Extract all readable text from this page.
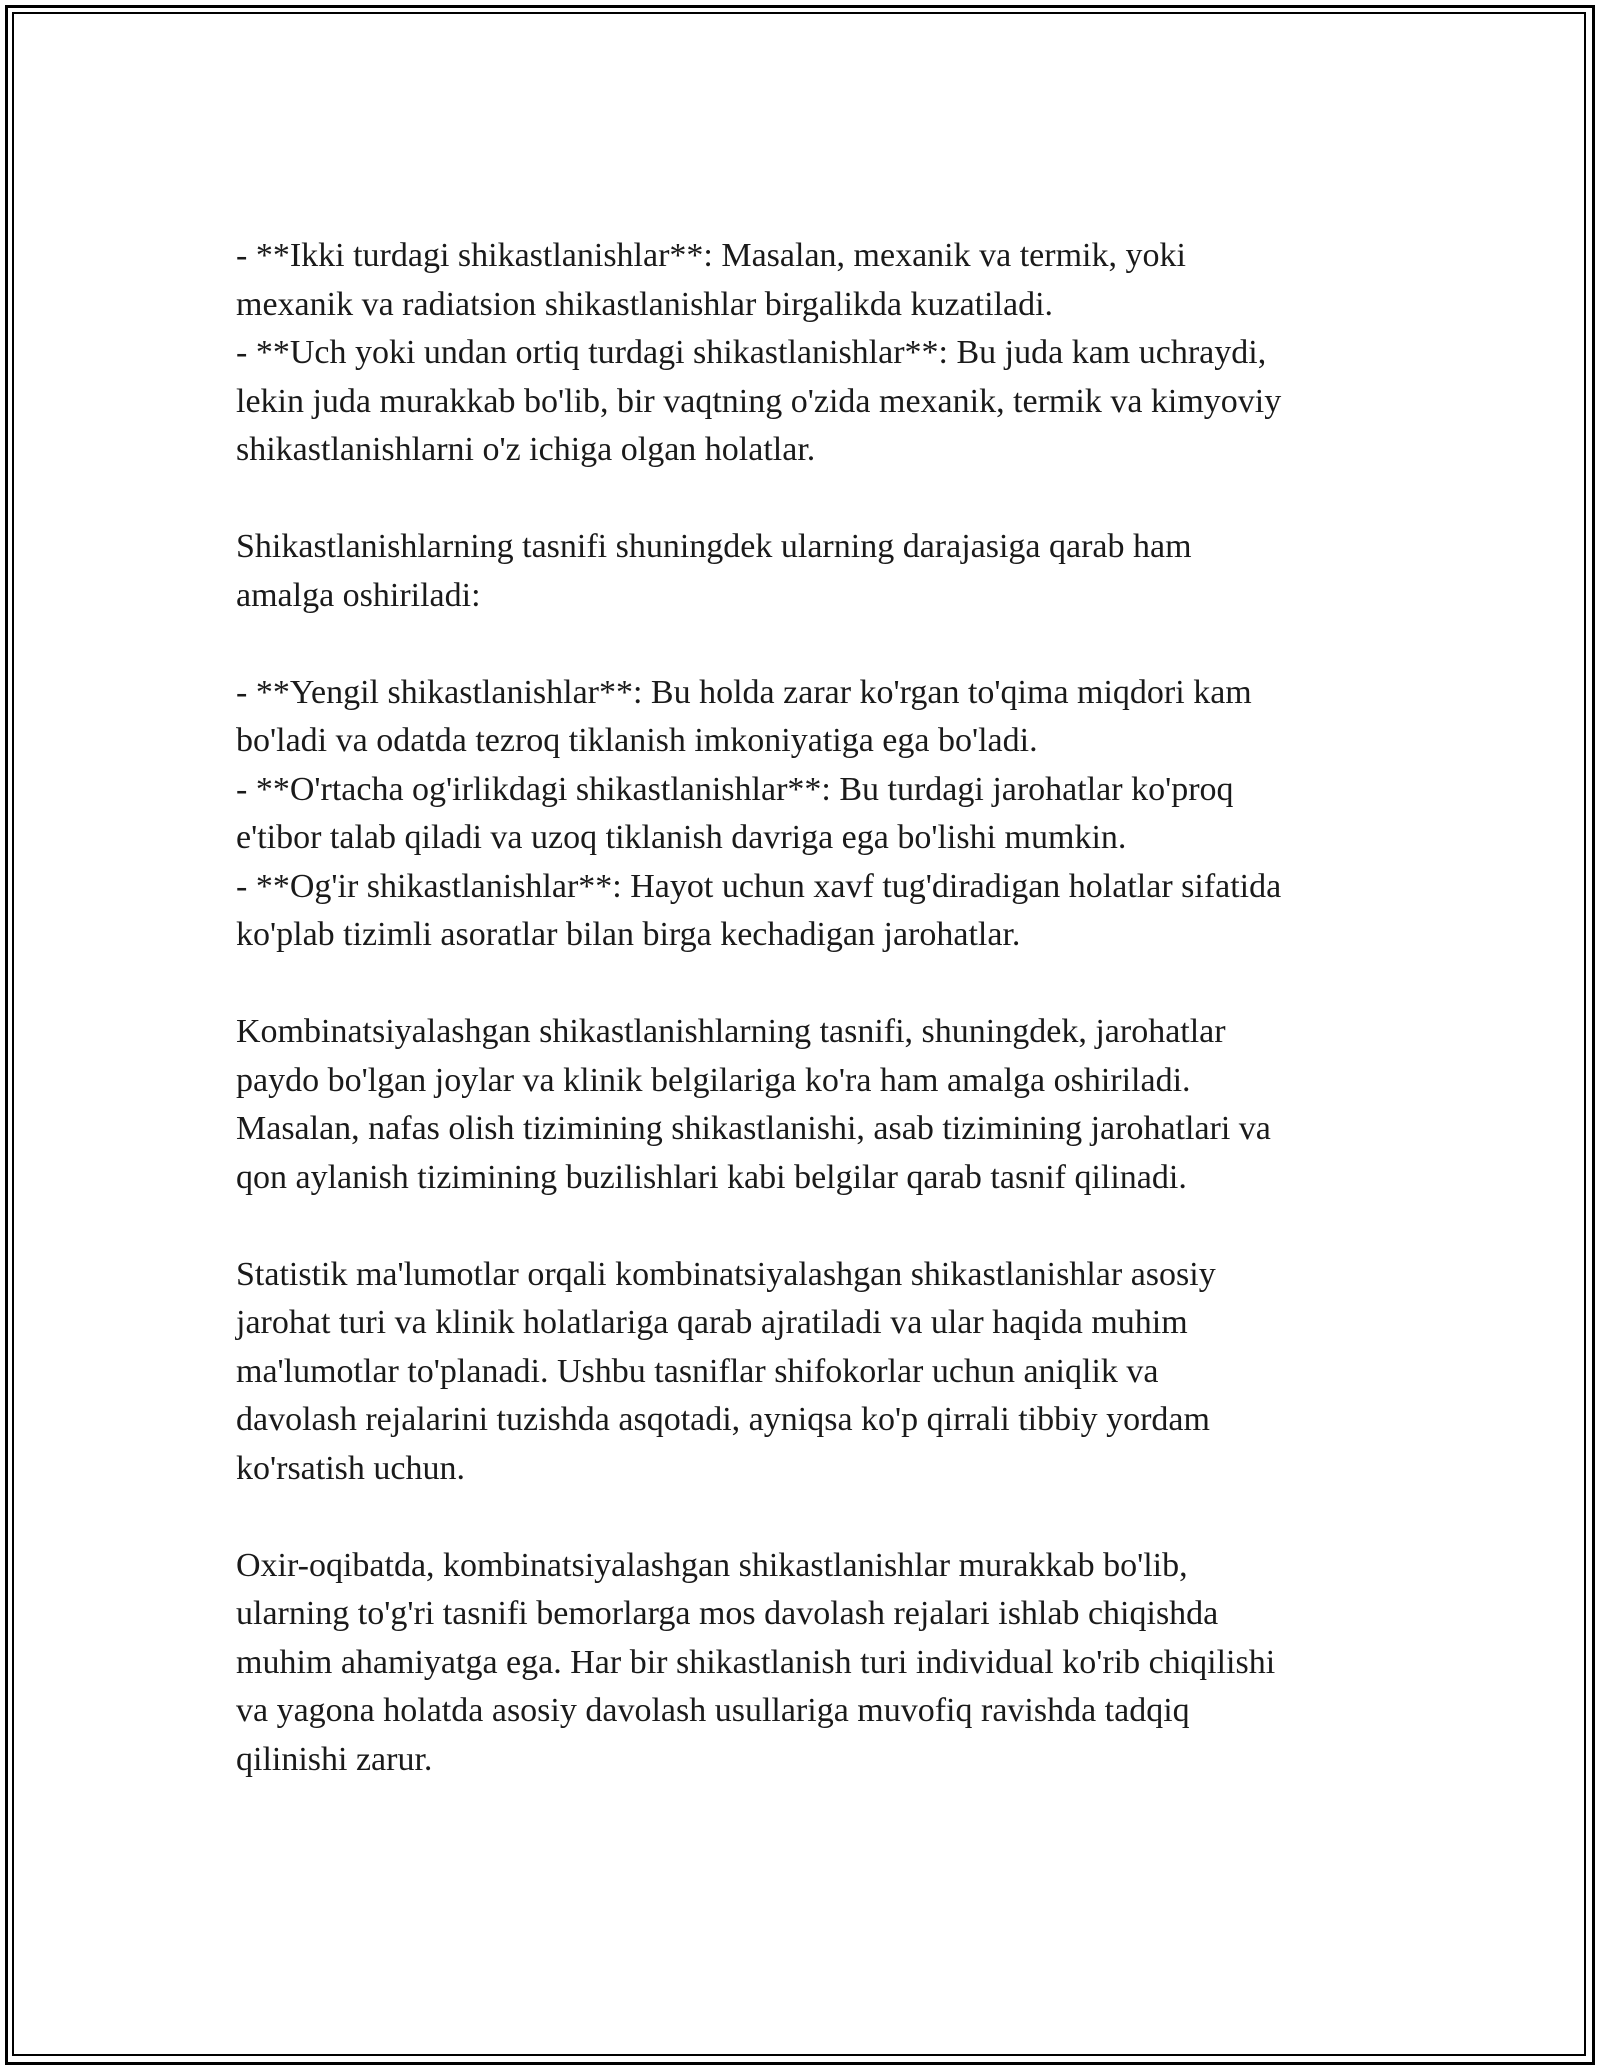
- **Ikki turdagi shikastlanishlar**: Masalan, mexanik va termik, yoki
mexanik va radiatsion shikastlanishlar birgalikda kuzatiladi.
- **Uch yoki undan ortiq turdagi shikastlanishlar**: Bu juda kam uchraydi,
lekin juda murakkab bo'lib, bir vaqtning o'zida mexanik, termik va kimyoviy
shikastlanishlarni o'z ichiga olgan holatlar.
Shikastlanishlarning tasnifi shuningdek ularning darajasiga qarab ham
amalga oshiriladi:
- **Yengil shikastlanishlar**: Bu holda zarar ko'rgan to'qima miqdori kam
bo'ladi va odatda tezroq tiklanish imkoniyatiga ega bo'ladi.
- **O'rtacha og'irlikdagi shikastlanishlar**: Bu turdagi jarohatlar ko'proq
e'tibor talab qiladi va uzoq tiklanish davriga ega bo'lishi mumkin.
- **Og'ir shikastlanishlar**: Hayot uchun xavf tug'diradigan holatlar sifatida
ko'plab tizimli asoratlar bilan birga kechadigan jarohatlar.
Kombinatsiyalashgan shikastlanishlarning tasnifi, shuningdek, jarohatlar
paydo bo'lgan joylar va klinik belgilariga ko'ra ham amalga oshiriladi.
Masalan, nafas olish tizimining shikastlanishi, asab tizimining jarohatlari va
qon aylanish tizimining buzilishlari kabi belgilar qarab tasnif qilinadi.
Statistik ma'lumotlar orqali kombinatsiyalashgan shikastlanishlar asosiy
jarohat turi va klinik holatlariga qarab ajratiladi va ular haqida muhim
ma'lumotlar to'planadi. Ushbu tasniflar shifokorlar uchun aniqlik va
davolash rejalarini tuzishda asqotadi, ayniqsa ko'p qirrali tibbiy yordam
ko'rsatish uchun.
Oxir-oqibatda, kombinatsiyalashgan shikastlanishlar murakkab bo'lib,
ularning to'g'ri tasnifi bemorlarga mos davolash rejalari ishlab chiqishda
muhim ahamiyatga ega. Har bir shikastlanish turi individual ko'rib chiqilishi
va yagona holatda asosiy davolash usullariga muvofiq ravishda tadqiq
qilinishi zarur.
